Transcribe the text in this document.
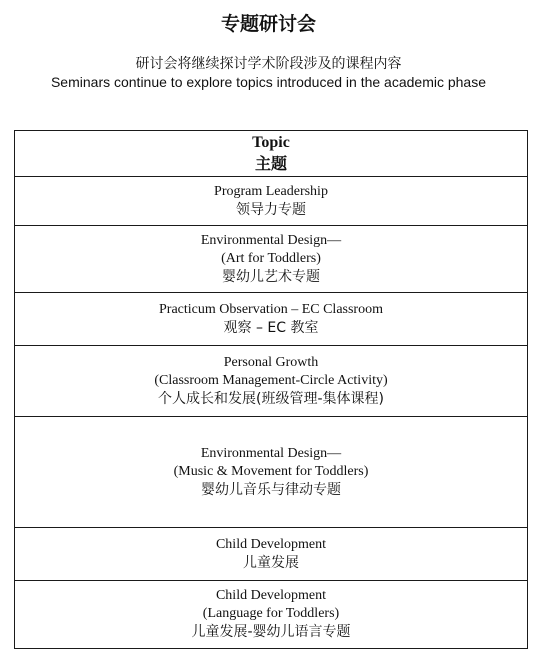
专题研讨会
研讨会将继续探讨学术阶段涉及的课程内容
Seminars continue to explore topics introduced in the academic phase
Topic
主题

Program Leadership
领导力专题

Environmental Design—
(Art for Toddlers)
婴幼儿艺术专题

Practicum Observation – EC Classroom
观察 – EC 教室

Personal Growth
(Classroom Management-Circle Activity)
个人成长和发展(班级管理-集体课程)

Environmental Design—
(Music & Movement for Toddlers)
婴幼儿音乐与律动专题

Child Development
儿童发展

Child Development
(Language for Toddlers)
儿童发展-婴幼儿语言专题
